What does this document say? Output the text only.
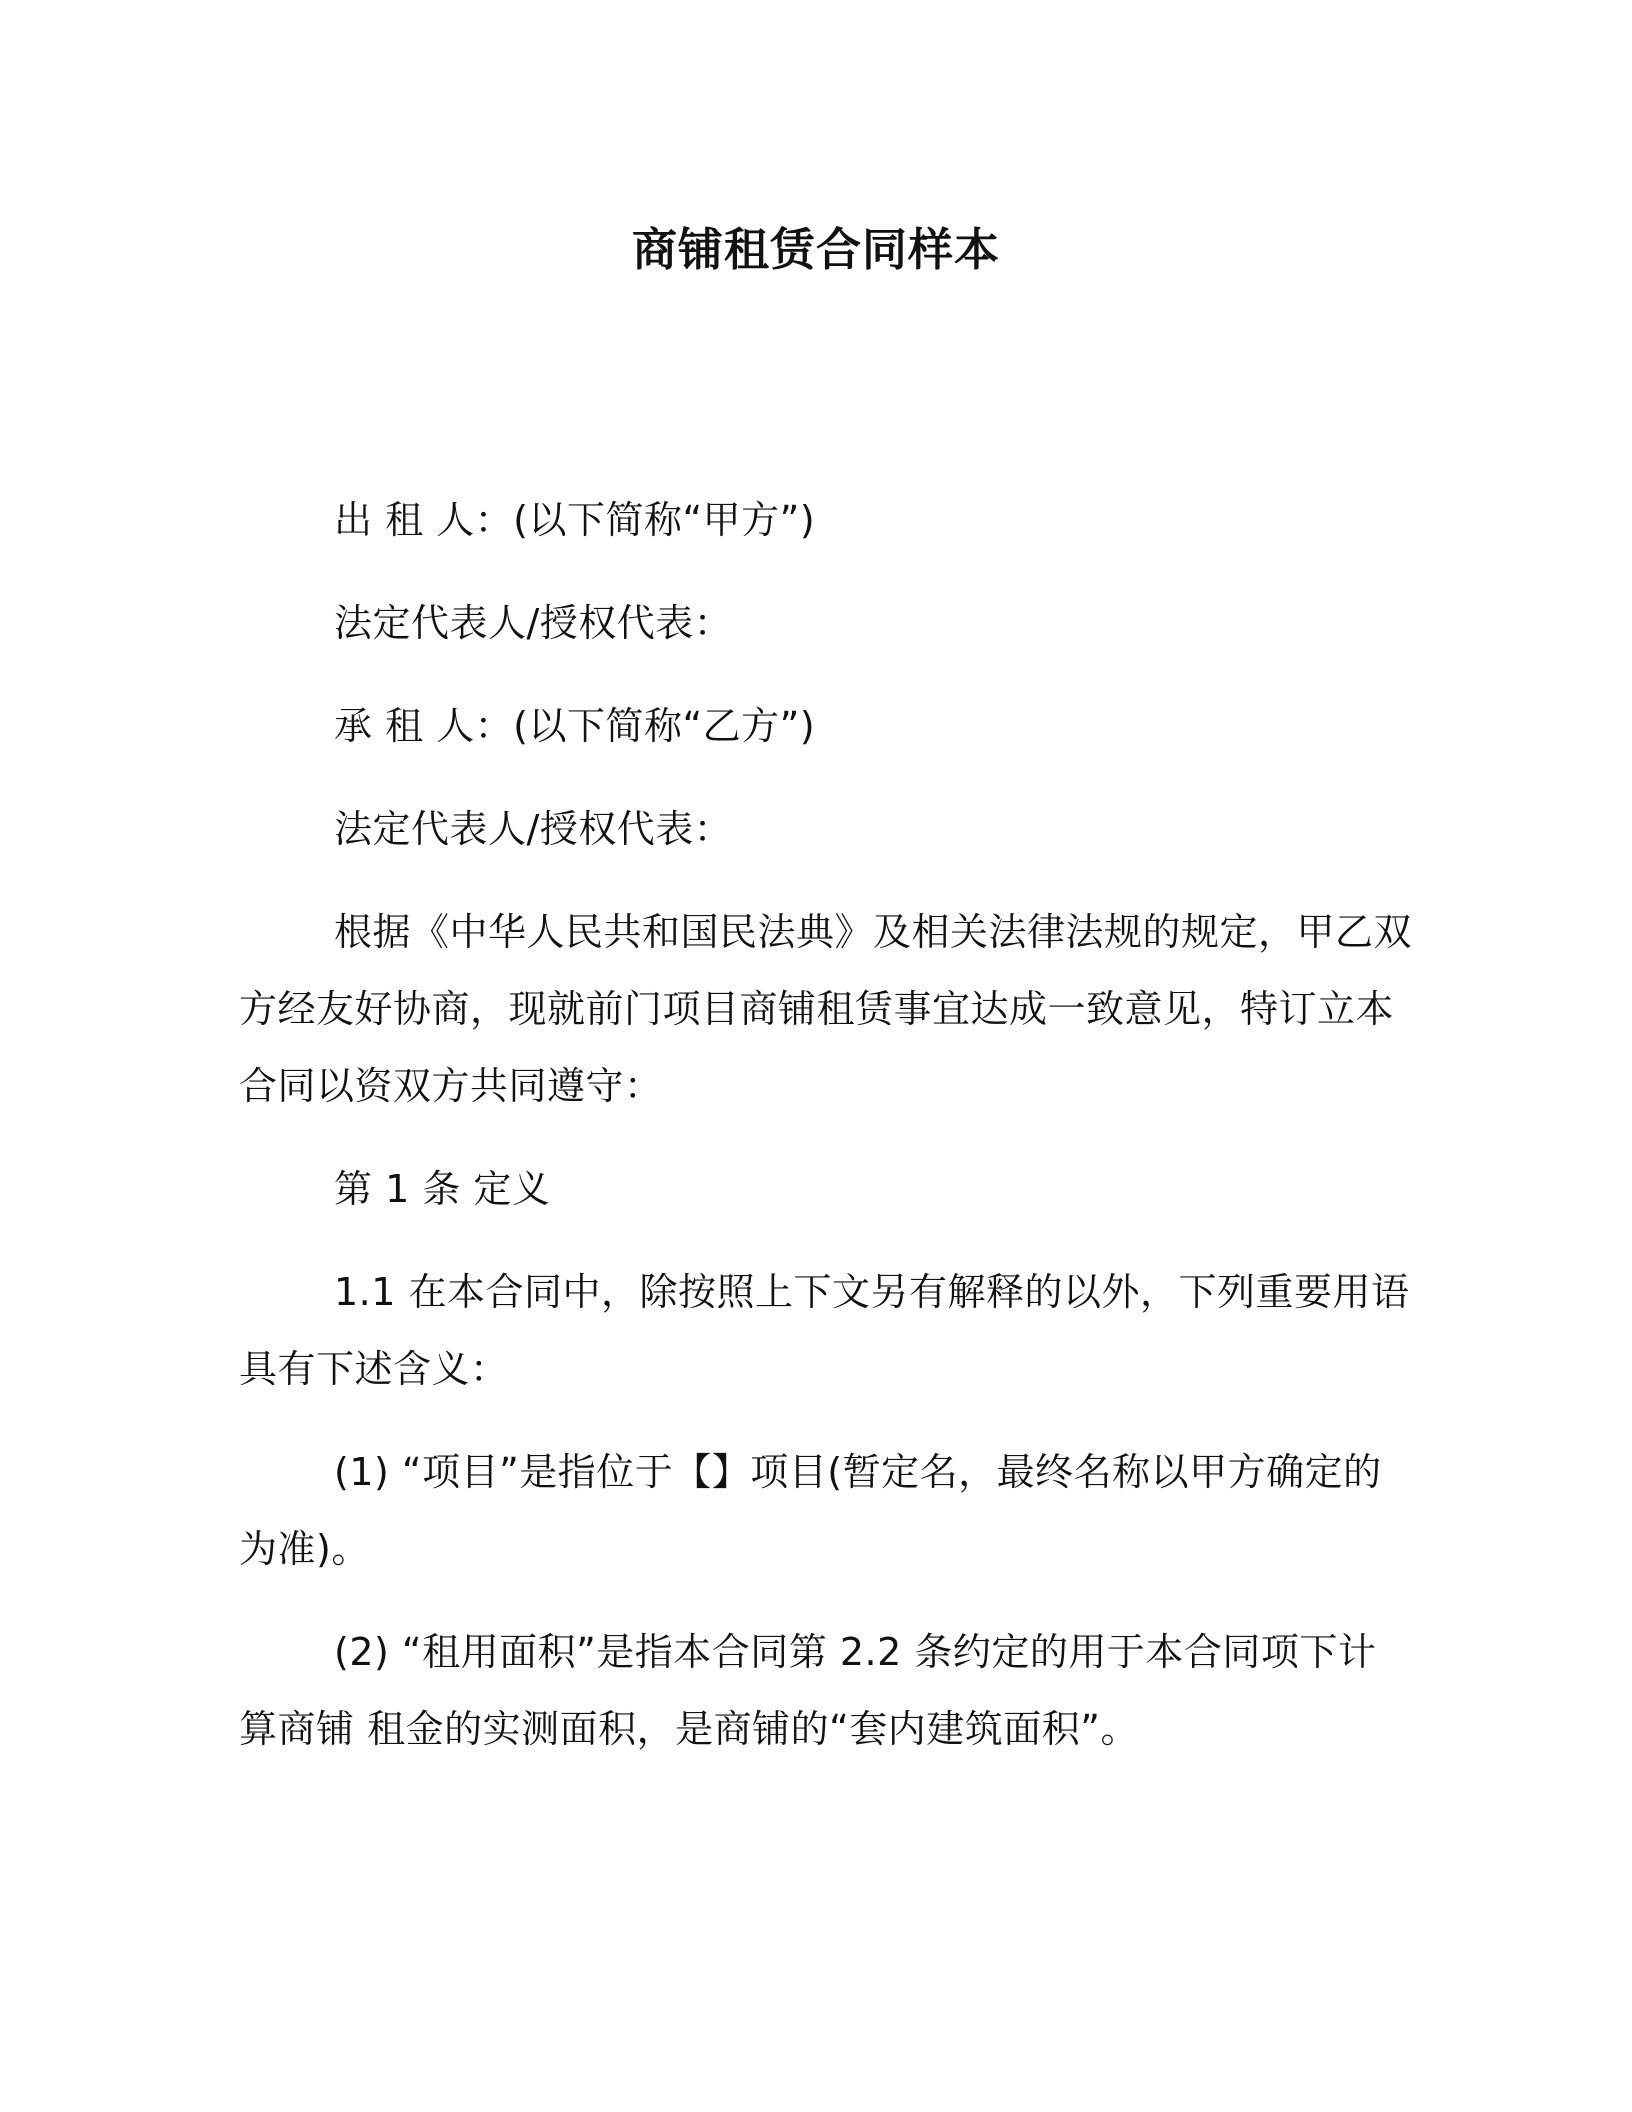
商铺租赁合同样本
出 租 人：(以下简称“甲方”)
法定代表人/授权代表：
承 租 人：(以下简称“乙方”)
法定代表人/授权代表：
根据《中华人民共和国民法典》及相关法律法规的规定，甲乙双
方经友好协商，现就前门项目商铺租赁事宜达成一致意见，特订立本
合同以资双方共同遵守：
第 1 条 定义
1.1 在本合同中，除按照上下文另有解释的以外，下列重要用语
具有下述含义：
(1) “项目”是指位于【】项目(暂定名，最终名称以甲方确定的
为准)。
(2) “租用面积”是指本合同第 2.2 条约定的用于本合同项下计
算商铺 租金的实测面积，是商铺的“套内建筑面积”。
